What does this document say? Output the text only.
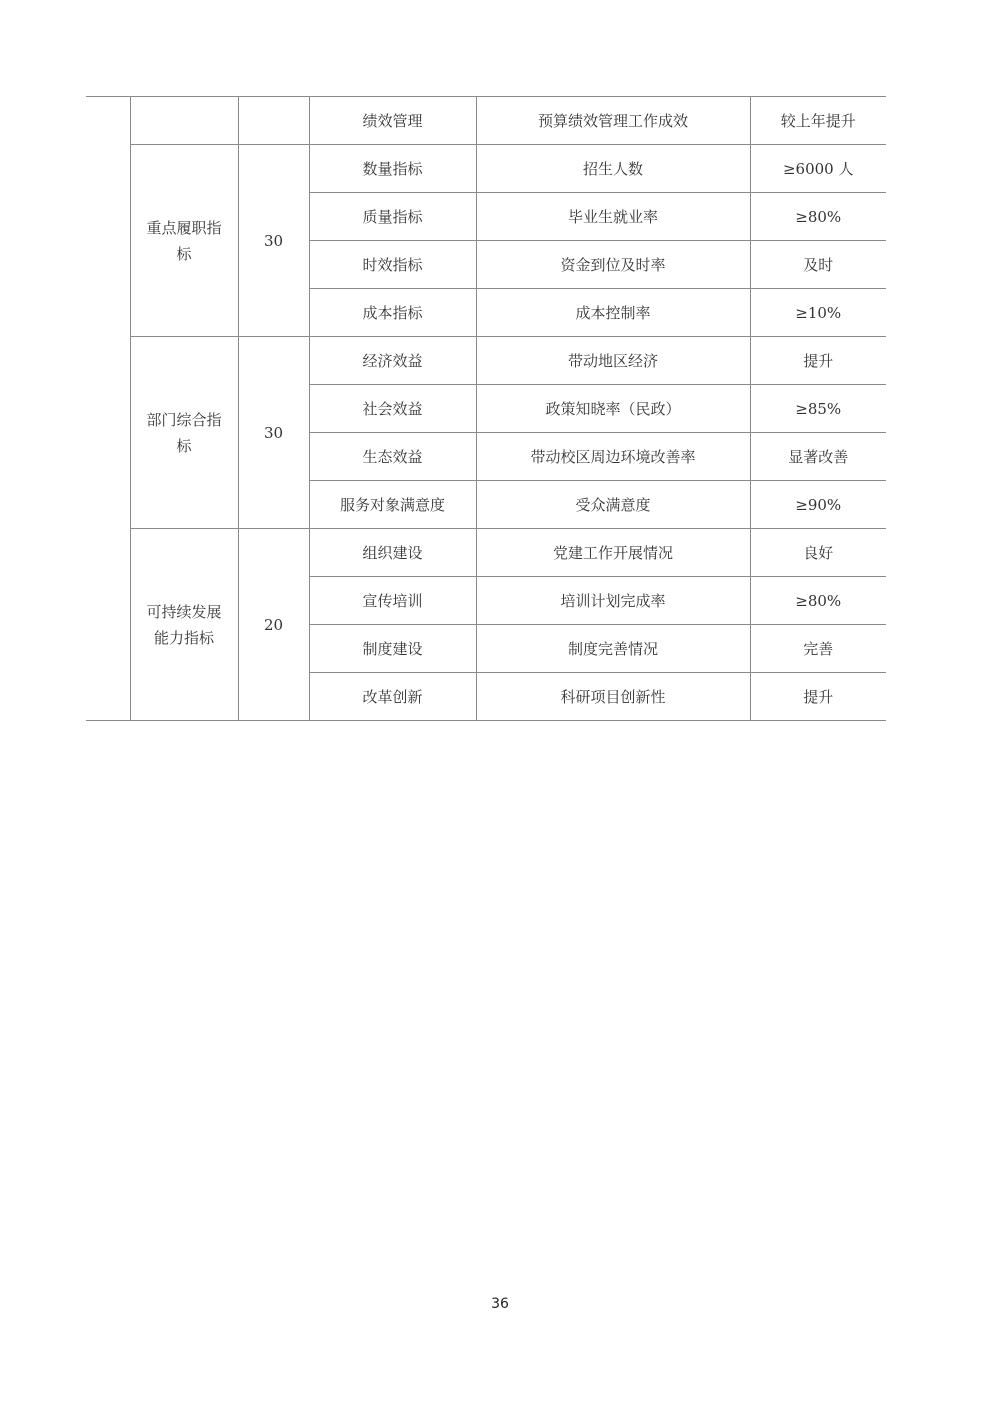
			绩效管理	预算绩效管理工作成效	较上年提升
	重点履职指标	30	数量指标	招生人数	≥6000 人
			质量指标	毕业生就业率	≥80%
			时效指标	资金到位及时率	及时
			成本指标	成本控制率	≥10%
	部门综合指标	30	经济效益	带动地区经济	提升
			社会效益	政策知晓率（民政）	≥85%
			生态效益	带动校区周边环境改善率	显著改善
			服务对象满意度	受众满意度	≥90%
	可持续发展能力指标	20	组织建设	党建工作开展情况	良好
			宣传培训	培训计划完成率	≥80%
			制度建设	制度完善情况	完善
			改革创新	科研项目创新性	提升
36
